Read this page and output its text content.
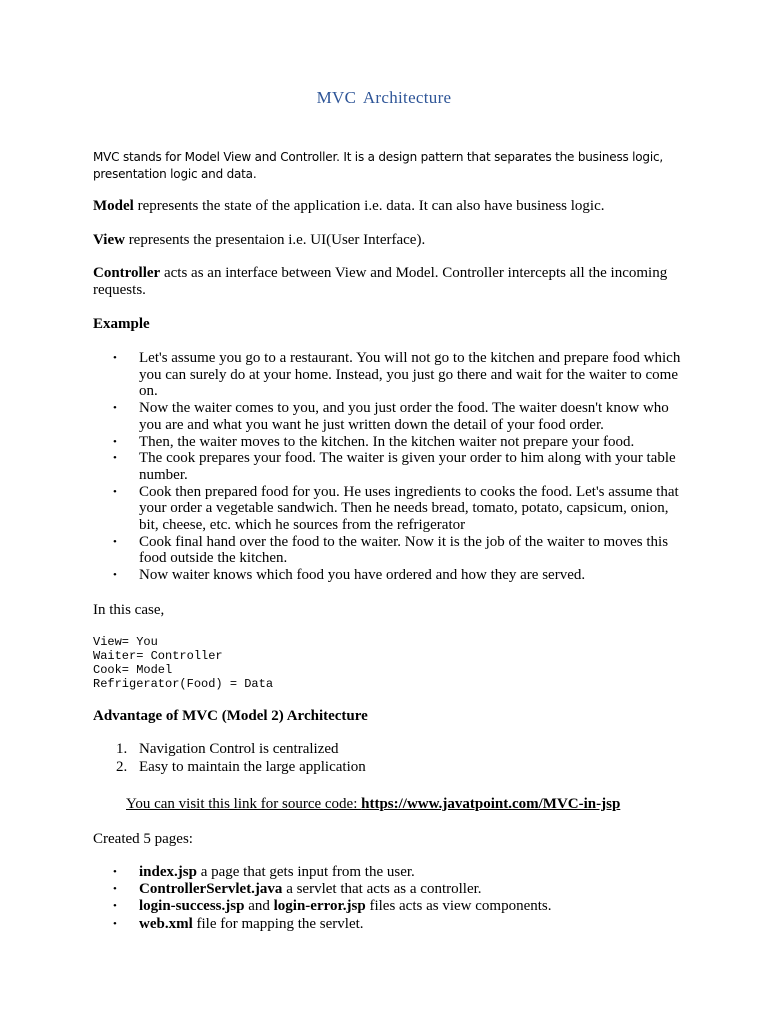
MVC Architecture
MVC stands for Model View and Controller. It is a design pattern that separates the business logic, presentation logic and data.
Model represents the state of the application i.e. data. It can also have business logic.
View represents the presentaion i.e. UI(User Interface).
Controller acts as an interface between View and Model. Controller intercepts all the incoming requests.
Example
• Let's assume you go to a restaurant. You will not go to the kitchen and prepare food which you can surely do at your home. Instead, you just go there and wait for the waiter to come on.
• Now the waiter comes to you, and you just order the food. The waiter doesn't know who you are and what you want he just written down the detail of your food order.
• Then, the waiter moves to the kitchen. In the kitchen waiter not prepare your food.
• The cook prepares your food. The waiter is given your order to him along with your table number.
• Cook then prepared food for you. He uses ingredients to cooks the food. Let's assume that your order a vegetable sandwich. Then he needs bread, tomato, potato, capsicum, onion, bit, cheese, etc. which he sources from the refrigerator
• Cook final hand over the food to the waiter. Now it is the job of the waiter to moves this food outside the kitchen.
• Now waiter knows which food you have ordered and how they are served.
In this case,
View= You
Waiter= Controller
Cook= Model
Refrigerator(Food) = Data
Advantage of MVC (Model 2) Architecture
1. Navigation Control is centralized
2. Easy to maintain the large application
You can visit this link for source code: https://www.javatpoint.com/MVC-in-jsp
Created 5 pages:
• index.jsp a page that gets input from the user.
• ControllerServlet.java a servlet that acts as a controller.
• login-success.jsp and login-error.jsp files acts as view components.
• web.xml file for mapping the servlet.
